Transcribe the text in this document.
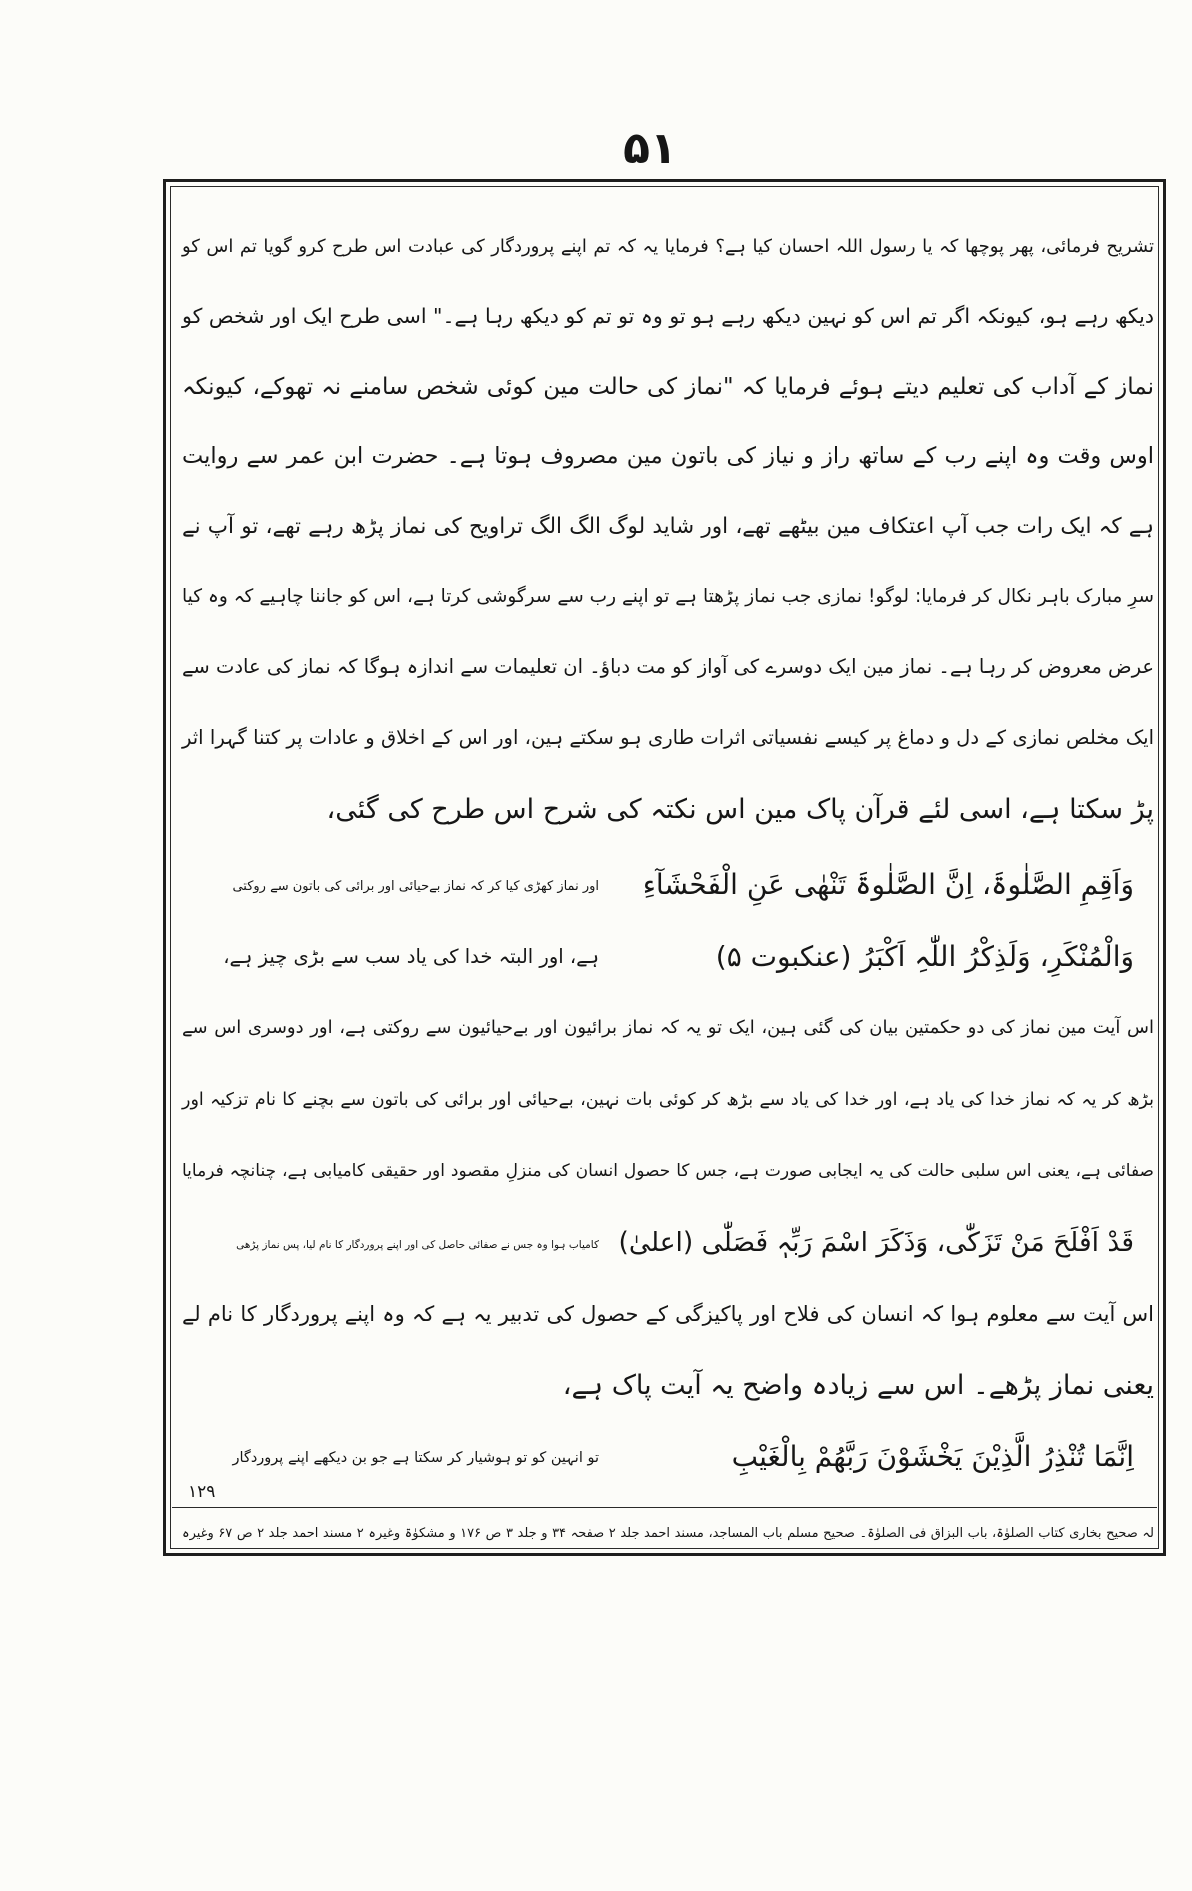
۵۱
تشریح فرمائی، پھر پوچھا کہ یا رسول اللہ احسان کیا ہے؟ فرمایا یہ کہ تم اپنے پروردگار کی عبادت اس طرح کرو گویا تم اس کو
دیکھ رہے ہو، کیونکہ اگر تم اس کو نہین دیکھ رہے ہو تو وہ تو تم کو دیکھ رہا ہے۔" اسی طرح ایک اور شخص کو
نماز کے آداب کی تعلیم دیتے ہوئے فرمایا کہ "نماز کی حالت مین کوئی شخص سامنے نہ تھوکے، کیونکہ
اوس وقت وہ اپنے رب کے ساتھ راز و نیاز کی باتون مین مصروف ہوتا ہے۔ حضرت ابن عمر سے روایت
ہے کہ ایک رات جب آپ اعتکاف مین بیٹھے تھے، اور شاید لوگ الگ الگ تراویح کی نماز پڑھ رہے تھے، تو آپ نے
سرِ مبارک باہر نکال کر فرمایا: لوگو! نمازی جب نماز پڑھتا ہے تو اپنے رب سے سرگوشی کرتا ہے، اس کو جاننا چاہیے کہ وہ کیا
عرض معروض کر رہا ہے۔ نماز مین ایک دوسرے کی آواز کو مت دباؤ۔ ان تعلیمات سے اندازہ ہوگا کہ نماز کی عادت سے
ایک مخلص نمازی کے دل و دماغ پر کیسے نفسیاتی اثرات طاری ہو سکتے ہین، اور اس کے اخلاق و عادات پر کتنا گہرا اثر
پڑ سکتا ہے، اسی لئے قرآن پاک مین اس نکتہ کی شرح اس طرح کی گئی،
وَاَقِمِ الصَّلٰوۃَ، اِنَّ الصَّلٰوۃَ تَنْهٰی عَنِ الْفَحْشَآءِ
اور نماز کھڑی کیا کر کہ نماز بےحیائی اور برائی کی باتون سے روکتی
وَالْمُنْكَرِ، وَلَذِکْرُ اللّٰہِ اَکْبَرُ (عنکبوت ۵)
ہے، اور البتہ خدا کی یاد سب سے بڑی چیز ہے،
اس آیت مین نماز کی دو حکمتین بیان کی گئی ہین، ایک تو یہ کہ نماز برائیون اور بےحیائیون سے روکتی ہے، اور دوسری اس سے
بڑھ کر یہ کہ نماز خدا کی یاد ہے، اور خدا کی یاد سے بڑھ کر کوئی بات نہین، بےحیائی اور برائی کی باتون سے بچنے کا نام تزکیہ اور
صفائی ہے، یعنی اس سلبی حالت کی یہ ایجابی صورت ہے، جس کا حصول انسان کی منزلِ مقصود اور حقیقی کامیابی ہے، چنانچہ فرمایا
قَدْ اَفْلَحَ مَنْ تَزَكّٰی، وَذَکَرَ اسْمَ رَبِّہٖ فَصَلّٰی (اعلیٰ)
کامیاب ہوا وہ جس نے صفائی حاصل کی اور اپنے پروردگار کا نام لیا، پس نماز پڑھی
اس آیت سے معلوم ہوا کہ انسان کی فلاح اور پاکیزگی کے حصول کی تدبیر یہ ہے کہ وہ اپنے پروردگار کا نام لے
یعنی نماز پڑھے۔ اس سے زیادہ واضح یہ آیت پاک ہے،
اِنَّمَا تُنْذِرُ الَّذِیْنَ یَخْشَوْنَ رَبَّهُمْ بِالْغَیْبِ
تو انہین کو تو ہوشیار کر سکتا ہے جو بن دیکھے اپنے پروردگار
۱۲۹
لہ صحیح بخاری کتاب الصلوٰۃ، باب البزاق فی الصلوٰۃ۔ صحیح مسلم باب المساجد، مسند احمد جلد ۲ صفحہ ۳۴ و جلد ۳ ص ۱۷۶ و مشکوٰۃ وغیرہ ۲ مسند احمد جلد ۲ ص ۶۷ وغیرہ
